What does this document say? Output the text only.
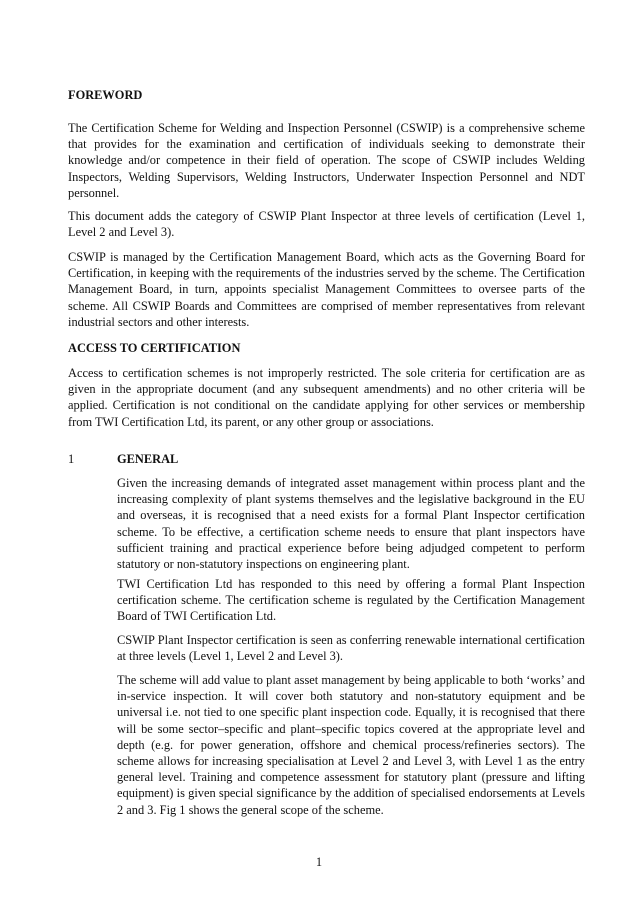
FOREWORD

The Certification Scheme for Welding and Inspection Personnel (CSWIP) is a comprehensive scheme that provides for the examination and certification of individuals seeking to demonstrate their knowledge and/or competence in their field of operation. The scope of CSWIP includes Welding Inspectors, Welding Supervisors, Welding Instructors, Underwater Inspection Personnel and NDT personnel.

This document adds the category of CSWIP Plant Inspector at three levels of certification (Level 1, Level 2 and Level 3).

CSWIP is managed by the Certification Management Board, which acts as the Governing Board for Certification, in keeping with the requirements of the industries served by the scheme. The Certification Management Board, in turn, appoints specialist Management Committees to oversee parts of the scheme. All CSWIP Boards and Committees are comprised of member representatives from relevant industrial sectors and other interests.

ACCESS TO CERTIFICATION

Access to certification schemes is not improperly restricted. The sole criteria for certification are as given in the appropriate document (and any subsequent amendments) and no other criteria will be applied. Certification is not conditional on the candidate applying for other services or membership from TWI Certification Ltd, its parent, or any other group or associations.

1	GENERAL

Given the increasing demands of integrated asset management within process plant and the increasing complexity of plant systems themselves and the legislative background in the EU and overseas, it is recognised that a need exists for a formal Plant Inspector certification scheme. To be effective, a certification scheme needs to ensure that plant inspectors have sufficient training and practical experience before being adjudged competent to perform statutory or non-statutory inspections on engineering plant.

TWI Certification Ltd has responded to this need by offering a formal Plant Inspection certification scheme. The certification scheme is regulated by the Certification Management Board of TWI Certification Ltd.

CSWIP Plant Inspector certification is seen as conferring renewable international certification at three levels (Level 1, Level 2 and Level 3).

The scheme will add value to plant asset management by being applicable to both ‘works’ and in-service inspection. It will cover both statutory and non-statutory equipment and be universal i.e. not tied to one specific plant inspection code. Equally, it is recognised that there will be some sector–specific and plant–specific topics covered at the appropriate level and depth (e.g. for power generation, offshore and chemical process/refineries sectors). The scheme allows for increasing specialisation at Level 2 and Level 3, with Level 1 as the entry general level. Training and competence assessment for statutory plant (pressure and lifting equipment) is given special significance by the addition of specialised endorsements at Levels 2 and 3. Fig 1 shows the general scope of the scheme.

1
